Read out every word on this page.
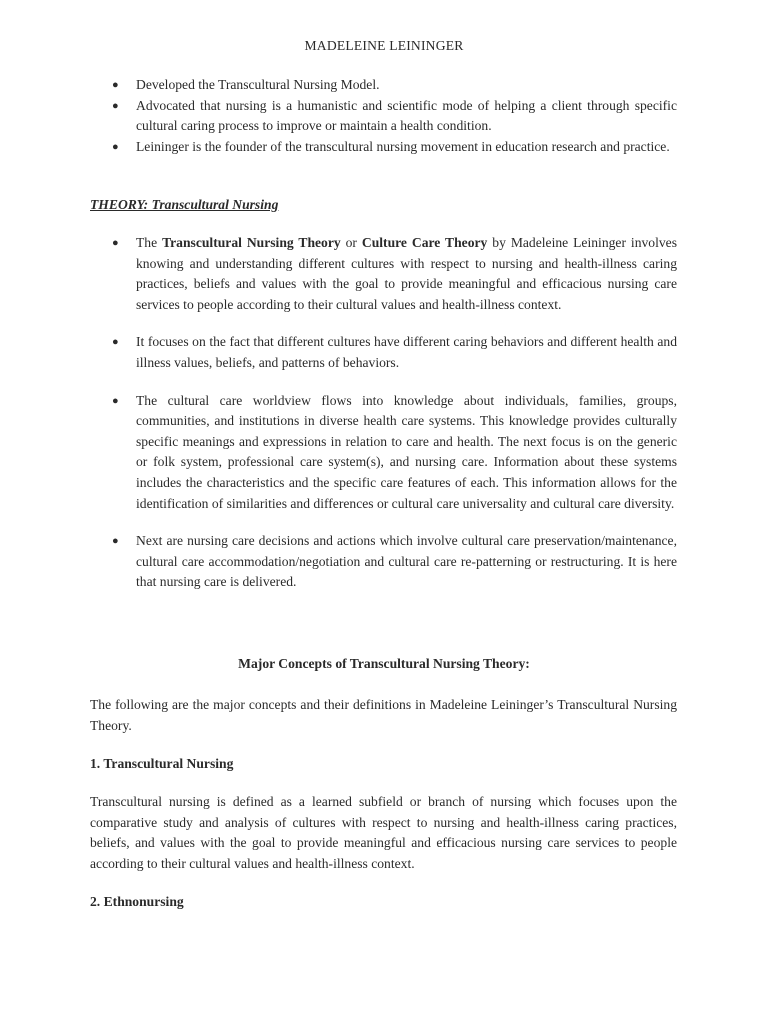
MADELEINE LEININGER
● Developed the Transcultural Nursing Model.
● Advocated that nursing is a humanistic and scientific mode of helping a client through specific cultural caring process to improve or maintain a health condition.
● Leininger is the founder of the transcultural nursing movement in education research and practice.
THEORY: Transcultural Nursing
● The Transcultural Nursing Theory or Culture Care Theory by Madeleine Leininger involves knowing and understanding different cultures with respect to nursing and health-illness caring practices, beliefs and values with the goal to provide meaningful and efficacious nursing care services to people according to their cultural values and health-illness context.
● It focuses on the fact that different cultures have different caring behaviors and different health and illness values, beliefs, and patterns of behaviors.
● The cultural care worldview flows into knowledge about individuals, families, groups, communities, and institutions in diverse health care systems. This knowledge provides culturally specific meanings and expressions in relation to care and health. The next focus is on the generic or folk system, professional care system(s), and nursing care. Information about these systems includes the characteristics and the specific care features of each. This information allows for the identification of similarities and differences or cultural care universality and cultural care diversity.
● Next are nursing care decisions and actions which involve cultural care preservation/maintenance, cultural care accommodation/negotiation and cultural care re-patterning or restructuring. It is here that nursing care is delivered.
Major Concepts of Transcultural Nursing Theory:
The following are the major concepts and their definitions in Madeleine Leininger’s Transcultural Nursing Theory.
1. Transcultural Nursing
Transcultural nursing is defined as a learned subfield or branch of nursing which focuses upon the comparative study and analysis of cultures with respect to nursing and health-illness caring practices, beliefs, and values with the goal to provide meaningful and efficacious nursing care services to people according to their cultural values and health-illness context.
2. Ethnonursing
